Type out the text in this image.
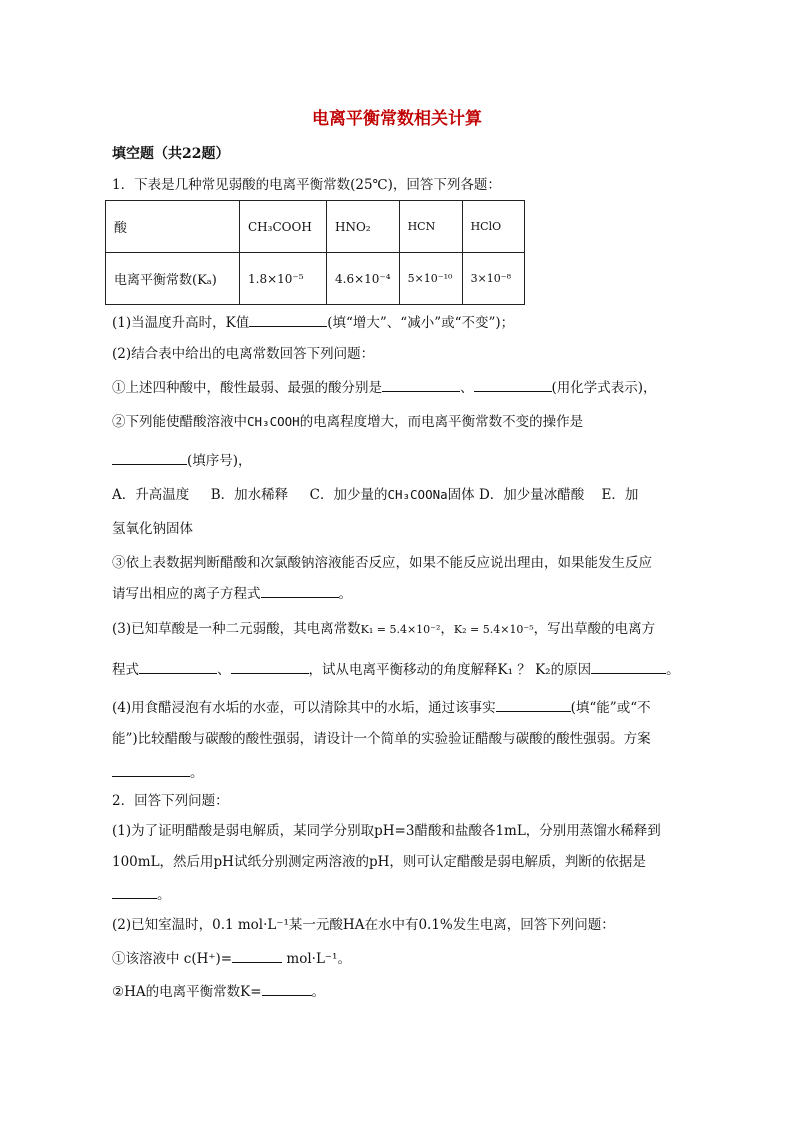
电离平衡常数相关计算
填空题（共22题）
1．下表是几种常见弱酸的电离平衡常数(25℃)，回答下列各题：
酸	CH₃COOH	HNO₂	HCN	HClO
电离平衡常数(Kₐ)	1.8×10⁻⁵	4.6×10⁻⁴	5×10⁻¹⁰	3×10⁻⁸
(1)当温度升高时，K值	(填“增大”、“减小”或“不变”)；
(2)结合表中给出的电离常数回答下列问题：
①上述四种酸中，酸性最弱、最强的酸分别是	、	(用化学式表示)，
②下列能使醋酸溶液中CH₃COOH的电离程度增大，而电离平衡常数不变的操作是
(填序号)，
A．升高温度 B．加水稀释 C．加少量的CH₃COONa固体 D．加少量冰醋酸 E．加
氢氧化钠固体
③依上表数据判断醋酸和次氯酸钠溶液能否反应，如果不能反应说出理由，如果能发生反应
请写出相应的离子方程式	。
(3)已知草酸是一种二元弱酸，其电离常数K₁ = 5.4×10⁻²，K₂ = 5.4×10⁻⁵，写出草酸的电离方
程式	、	，试从电离平衡移动的角度解释K₁ ？ K₂的原因	。
(4)用食醋浸泡有水垢的水壶，可以清除其中的水垢，通过该事实	(填“能”或“不
能”)比较醋酸与碳酸的酸性强弱，请设计一个简单的实验验证醋酸与碳酸的酸性强弱。方案
。
2．回答下列问题：
(1)为了证明醋酸是弱电解质，某同学分别取pH=3醋酸和盐酸各1mL，分别用蒸馏水稀释到
100mL，然后用pH试纸分别测定两溶液的pH，则可认定醋酸是弱电解质，判断的依据是
。
(2)已知室温时，0.1 mol·L⁻¹某一元酸HA在水中有0.1%发生电离，回答下列问题：
①该溶液中 c(H⁺)=	mol·L⁻¹。
②HA的电离平衡常数K=	。
